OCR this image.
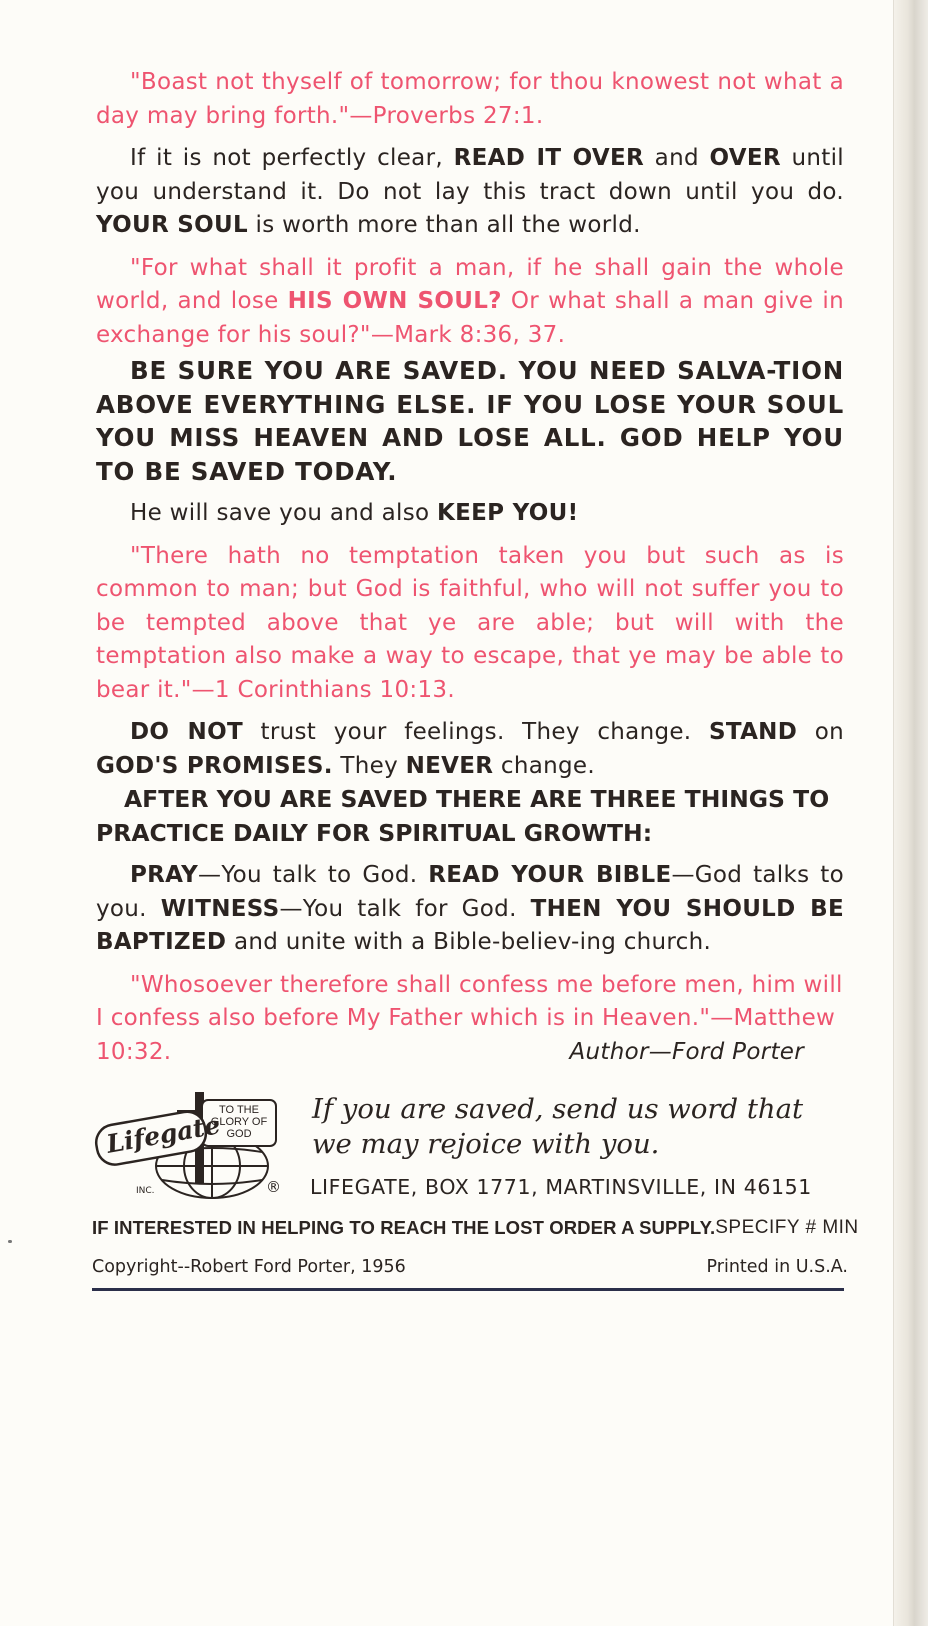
"Boast not thyself of tomorrow; for thou knowest not what a day may bring forth."—Proverbs 27:1.

If it is not perfectly clear, READ IT OVER and OVER until you understand it. Do not lay this tract down until you do. YOUR SOUL is worth more than all the world.

"For what shall it profit a man, if he shall gain the whole world, and lose HIS OWN SOUL? Or what shall a man give in exchange for his soul?"—Mark 8:36, 37.

BE SURE YOU ARE SAVED. YOU NEED SALVA-TION ABOVE EVERYTHING ELSE. IF YOU LOSE YOUR SOUL YOU MISS HEAVEN AND LOSE ALL. GOD HELP YOU TO BE SAVED TODAY.

He will save you and also KEEP YOU!

"There hath no temptation taken you but such as is common to man; but God is faithful, who will not suffer you to be tempted above that ye are able; but will with the temptation also make a way to escape, that ye may be able to bear it."—1 Corinthians 10:13.

DO NOT trust your feelings. They change. STAND on GOD'S PROMISES. They NEVER change.

AFTER YOU ARE SAVED THERE ARE THREE THINGS TO PRACTICE DAILY FOR SPIRITUAL GROWTH:

PRAY—You talk to God. READ YOUR BIBLE—God talks to you. WITNESS—You talk for God. THEN YOU SHOULD BE BAPTIZED and unite with a Bible-believ-ing church.

"Whosoever therefore shall confess me before men, him will I confess also before My Father which is in Heaven."—Matthew 10:32.	Author—Ford Porter

Lifegate
TO THE GLORY OF GOD
INC.	®
If you are saved, send us word that we may rejoice with you.
LIFEGATE, BOX 1771, MARTINSVILLE, IN 46151
IF INTERESTED IN HELPING TO REACH THE LOST ORDER A SUPPLY. SPECIFY # MIN
Copyright--Robert Ford Porter, 1956	Printed in U.S.A.
